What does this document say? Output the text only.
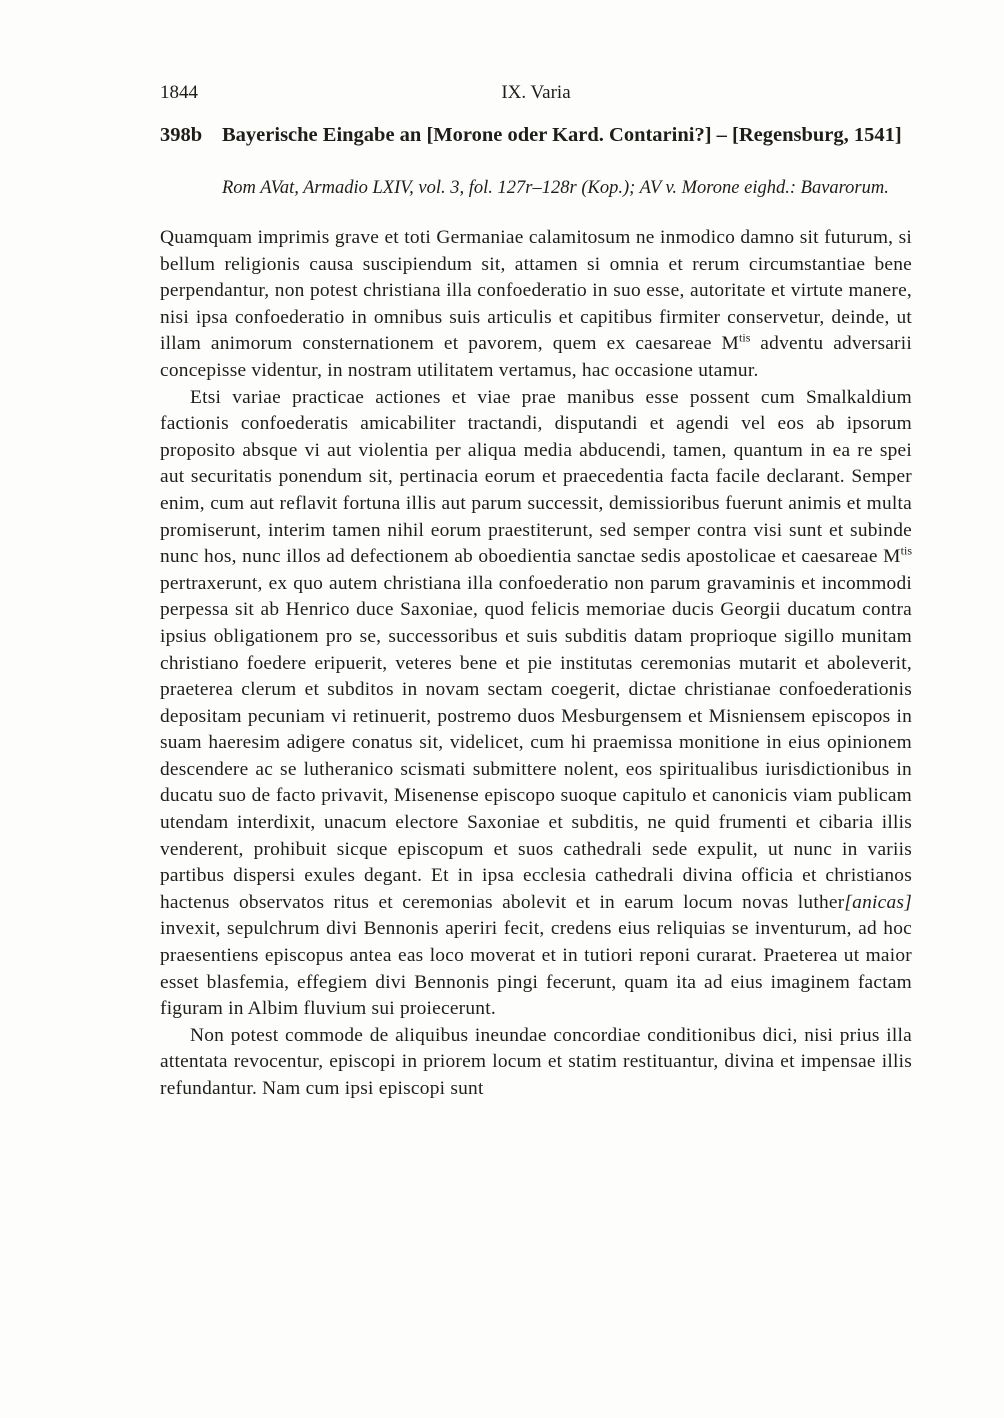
1844	IX. Varia
398b Bayerische Eingabe an [Morone oder Kard. Contarini?] – [Regensburg, 1541]

Rom AVat, Armadio LXIV, vol. 3, fol. 127r–128r (Kop.); AV v. Morone eighd.: Bavarorum.

Quamquam imprimis grave et toti Germaniae calamitosum ne inmodico damno sit futurum, si bellum religionis causa suscipiendum sit, attamen si omnia et rerum circumstantiae bene perpendantur, non potest christiana illa confoederatio in suo esse, autoritate et virtute manere, nisi ipsa confoederatio in omnibus suis articulis et capitibus firmiter conservetur, deinde, ut illam animorum consternationem et pavorem, quem ex caesareae $M^{tis}$ adventu adversarii concepisse videntur, in nostram utilitatem vertamus, hac occasione utamur.

Etsi variae practicae actiones et viae prae manibus esse possent cum Smalkaldium factionis confoederatis amicabiliter tractandi, disputandi et agendi vel eos ab ipsorum proposito absque vi aut violentia per aliqua media abducendi, tamen, quantum in ea re spei aut securitatis ponendum sit, pertinacia eorum et praecedentia facta facile declarant. Semper enim, cum aut reflavit fortuna illis aut parum successit, demissioribus fuerunt animis et multa promiserunt, interim tamen nihil eorum praestiterunt, sed semper contra visi sunt et subinde nunc hos, nunc illos ad defectionem ab oboedientia sanctae sedis apostolicae et caesareae $M^{tis}$ pertraxerunt, ex quo autem christiana illa confoederatio non parum gravaminis et incommodi perpessa sit ab Henrico duce Saxoniae, quod felicis memoriae ducis Georgii ducatum contra ipsius obligationem pro se, successoribus et suis subditis datam proprioque sigillo munitam christiano foedere eripuerit, veteres bene et pie institutas ceremonias mutarit et aboleverit, praeterea clerum et subditos in novam sectam coegerit, dictae christianae confoederationis depositam pecuniam vi retinuerit, postremo duos Mesburgensem et Misniensem episcopos in suam haeresim adigere conatus sit, videlicet, cum hi praemissa monitione in eius opinionem descendere ac se lutheranico scismati submittere nolent, eos spiritualibus iurisdictionibus in ducatu suo de facto privavit, Misenense episcopo suoque capitulo et canonicis viam publicam utendam interdixit, unacum electore Saxoniae et subditis, ne quid frumenti et cibaria illis venderent, prohibuit sicque episcopum et suos cathedrali sede expulit, ut nunc in variis partibus dispersi exules degant. Et in ipsa ecclesia cathedrali divina officia et christianos hactenus observatos ritus et ceremonias abolevit et in earum locum novas luther[anicas] invexit, sepulchrum divi Bennonis aperiri fecit, credens eius reliquias se inventurum, ad hoc praesentiens episcopus antea eas loco moverat et in tutiori reponi curarat. Praeterea ut maior esset blasfemia, effegiem divi Bennonis pingi fecerunt, quam ita ad eius imaginem factam figuram in Albim fluvium sui proiecerunt.

Non potest commode de aliquibus ineundae concordiae conditionibus dici, nisi prius illa attentata revocentur, episcopi in priorem locum et statim restituantur, divina et impensae illis refundantur. Nam cum ipsi episcopi sunt
